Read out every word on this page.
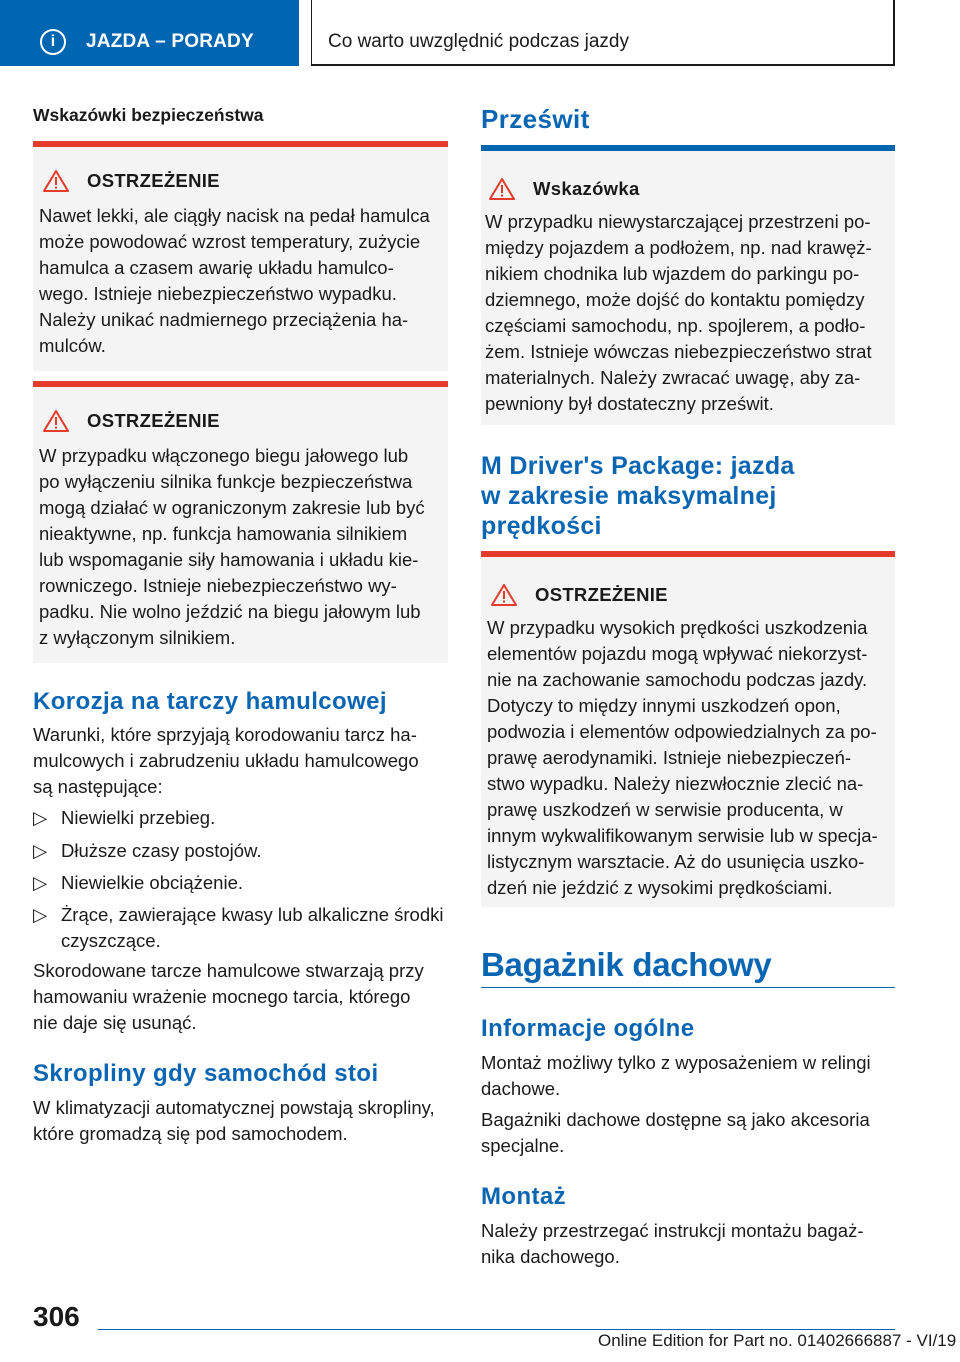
i	JAZDA – PORADY	Co warto uwzględnić podczas jazdy
Wskazówki bezpieczeństwa
OSTRZEŻENIE
Nawet lekki, ale ciągły nacisk na pedał hamulca
może powodować wzrost temperatury, zużycie
hamulca a czasem awarię układu hamulco-
wego. Istnieje niebezpieczeństwo wypadku.
Należy unikać nadmiernego przeciążenia ha-
mulców.
OSTRZEŻENIE
W przypadku włączonego biegu jałowego lub
po wyłączeniu silnika funkcje bezpieczeństwa
mogą działać w ograniczonym zakresie lub być
nieaktywne, np. funkcja hamowania silnikiem
lub wspomaganie siły hamowania i układu kie-
rowniczego. Istnieje niebezpieczeństwo wy-
padku. Nie wolno jeździć na biegu jałowym lub
z wyłączonym silnikiem.
Korozja na tarczy hamulcowej

Warunki, które sprzyjają korodowaniu tarcz ha-
mulcowych i zabrudzeniu układu hamulcowego
są następujące:

▷ Niewielki przebieg.
▷ Dłuższe czasy postojów.
▷ Niewielkie obciążenie.
▷ Żrące, zawierające kwasy lub alkaliczne środki
czyszczące.

Skorodowane tarcze hamulcowe stwarzają przy
hamowaniu wrażenie mocnego tarcia, którego
nie daje się usunąć.

Skropliny gdy samochód stoi

W klimatyzacji automatycznej powstają skropliny,
które gromadzą się pod samochodem.

Prześwit
Wskazówka
W przypadku niewystarczającej przestrzeni po-
między pojazdem a podłożem, np. nad krawęż-
nikiem chodnika lub wjazdem do parkingu po-
dziemnego, może dojść do kontaktu pomiędzy
częściami samochodu, np. spojlerem, a podło-
żem. Istnieje wówczas niebezpieczeństwo strat
materialnych. Należy zwracać uwagę, aby za-
pewniony był dostateczny prześwit.
M Driver's Package: jazda
w zakresie maksymalnej
prędkości
OSTRZEŻENIE
W przypadku wysokich prędkości uszkodzenia
elementów pojazdu mogą wpływać niekorzyst-
nie na zachowanie samochodu podczas jazdy.
Dotyczy to między innymi uszkodzeń opon,
podwozia i elementów odpowiedzialnych za po-
prawę aerodynamiki. Istnieje niebezpieczeń-
stwo wypadku. Należy niezwłocznie zlecić na-
prawę uszkodzeń w serwisie producenta, w
innym wykwalifikowanym serwisie lub w specja-
listycznym warsztacie. Aż do usunięcia uszko-
dzeń nie jeździć z wysokimi prędkościami.
Bagażnik dachowy
Informacje ogólne

Montaż możliwy tylko z wyposażeniem w relingi
dachowe.

Bagażniki dachowe dostępne są jako akcesoria
specjalne.

Montaż

Należy przestrzegać instrukcji montażu bagaż-
nika dachowego.

306
Online Edition for Part no. 01402666887 - VI/19
